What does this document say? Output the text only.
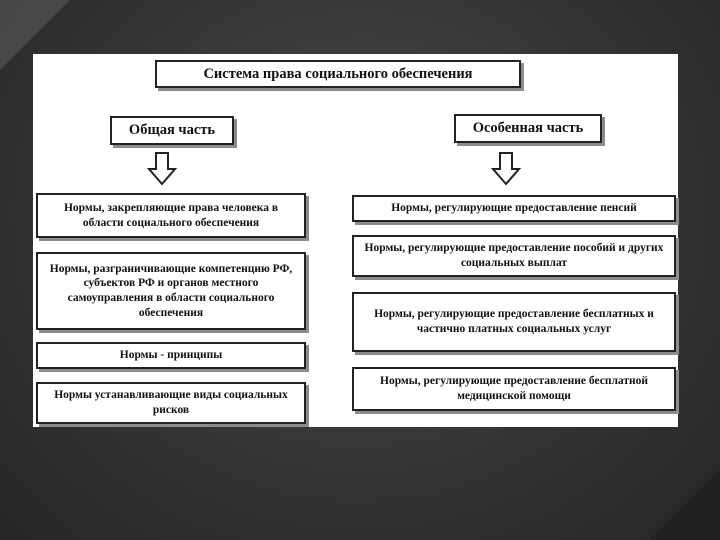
Система права социального обеспечения
Общая часть	Особенная часть
Нормы, закрепляющие права человека в области социального обеспечения
Нормы, разграничивающие компетенцию РФ, субъектов РФ и органов местного самоуправления в области социального обеспечения
Нормы - принципы
Нормы устанавливающие виды социальных рисков
Нормы, регулирующие предоставление пенсий
Нормы, регулирующие предоставление пособий и других социальных выплат
Нормы, регулирующие предоставление бесплатных и частично платных социальных услуг
Нормы, регулирующие предоставление бесплатной медицинской помощи
